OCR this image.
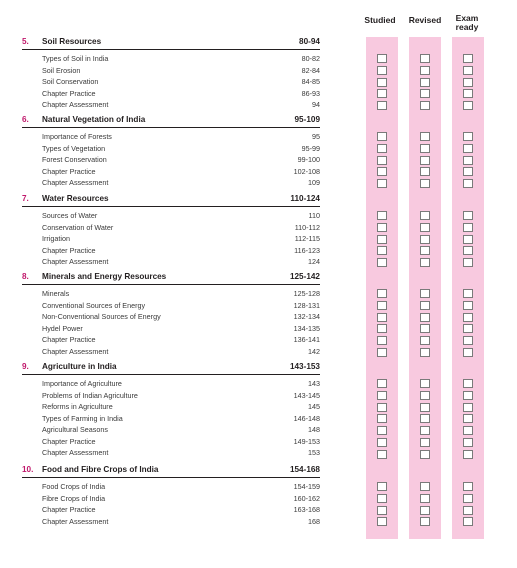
Studied	Revised	Exam ready
5. Soil Resources	80-94
Types of Soil in India	80-82
Soil Erosion	82-84
Soil Conservation	84-85
Chapter Practice	86-93
Chapter Assessment	94
6. Natural Vegetation of India	95-109
Importance of Forests	95
Types of Vegetation	95-99
Forest Conservation	99-100
Chapter Practice	102-108
Chapter Assessment	109
7. Water Resources	110-124
Sources of Water	110
Conservation of Water	110-112
Irrigation	112-115
Chapter Practice	116-123
Chapter Assessment	124
8. Minerals and Energy Resources	125-142
Minerals	125-128
Conventional Sources of Energy	128-131
Non-Conventional Sources of Energy	132-134
Hydel Power	134-135
Chapter Practice	136-141
Chapter Assessment	142
9. Agriculture in India	143-153
Importance of Agriculture	143
Problems of Indian Agriculture	143-145
Reforms in Agriculture	145
Types of Farming in India	146-148
Agricultural Seasons	148
Chapter Practice	149-153
Chapter Assessment	153
10. Food and Fibre Crops of India	154-168
Food Crops of India	154-159
Fibre Crops of India	160-162
Chapter Practice	163-168
Chapter Assessment	168
